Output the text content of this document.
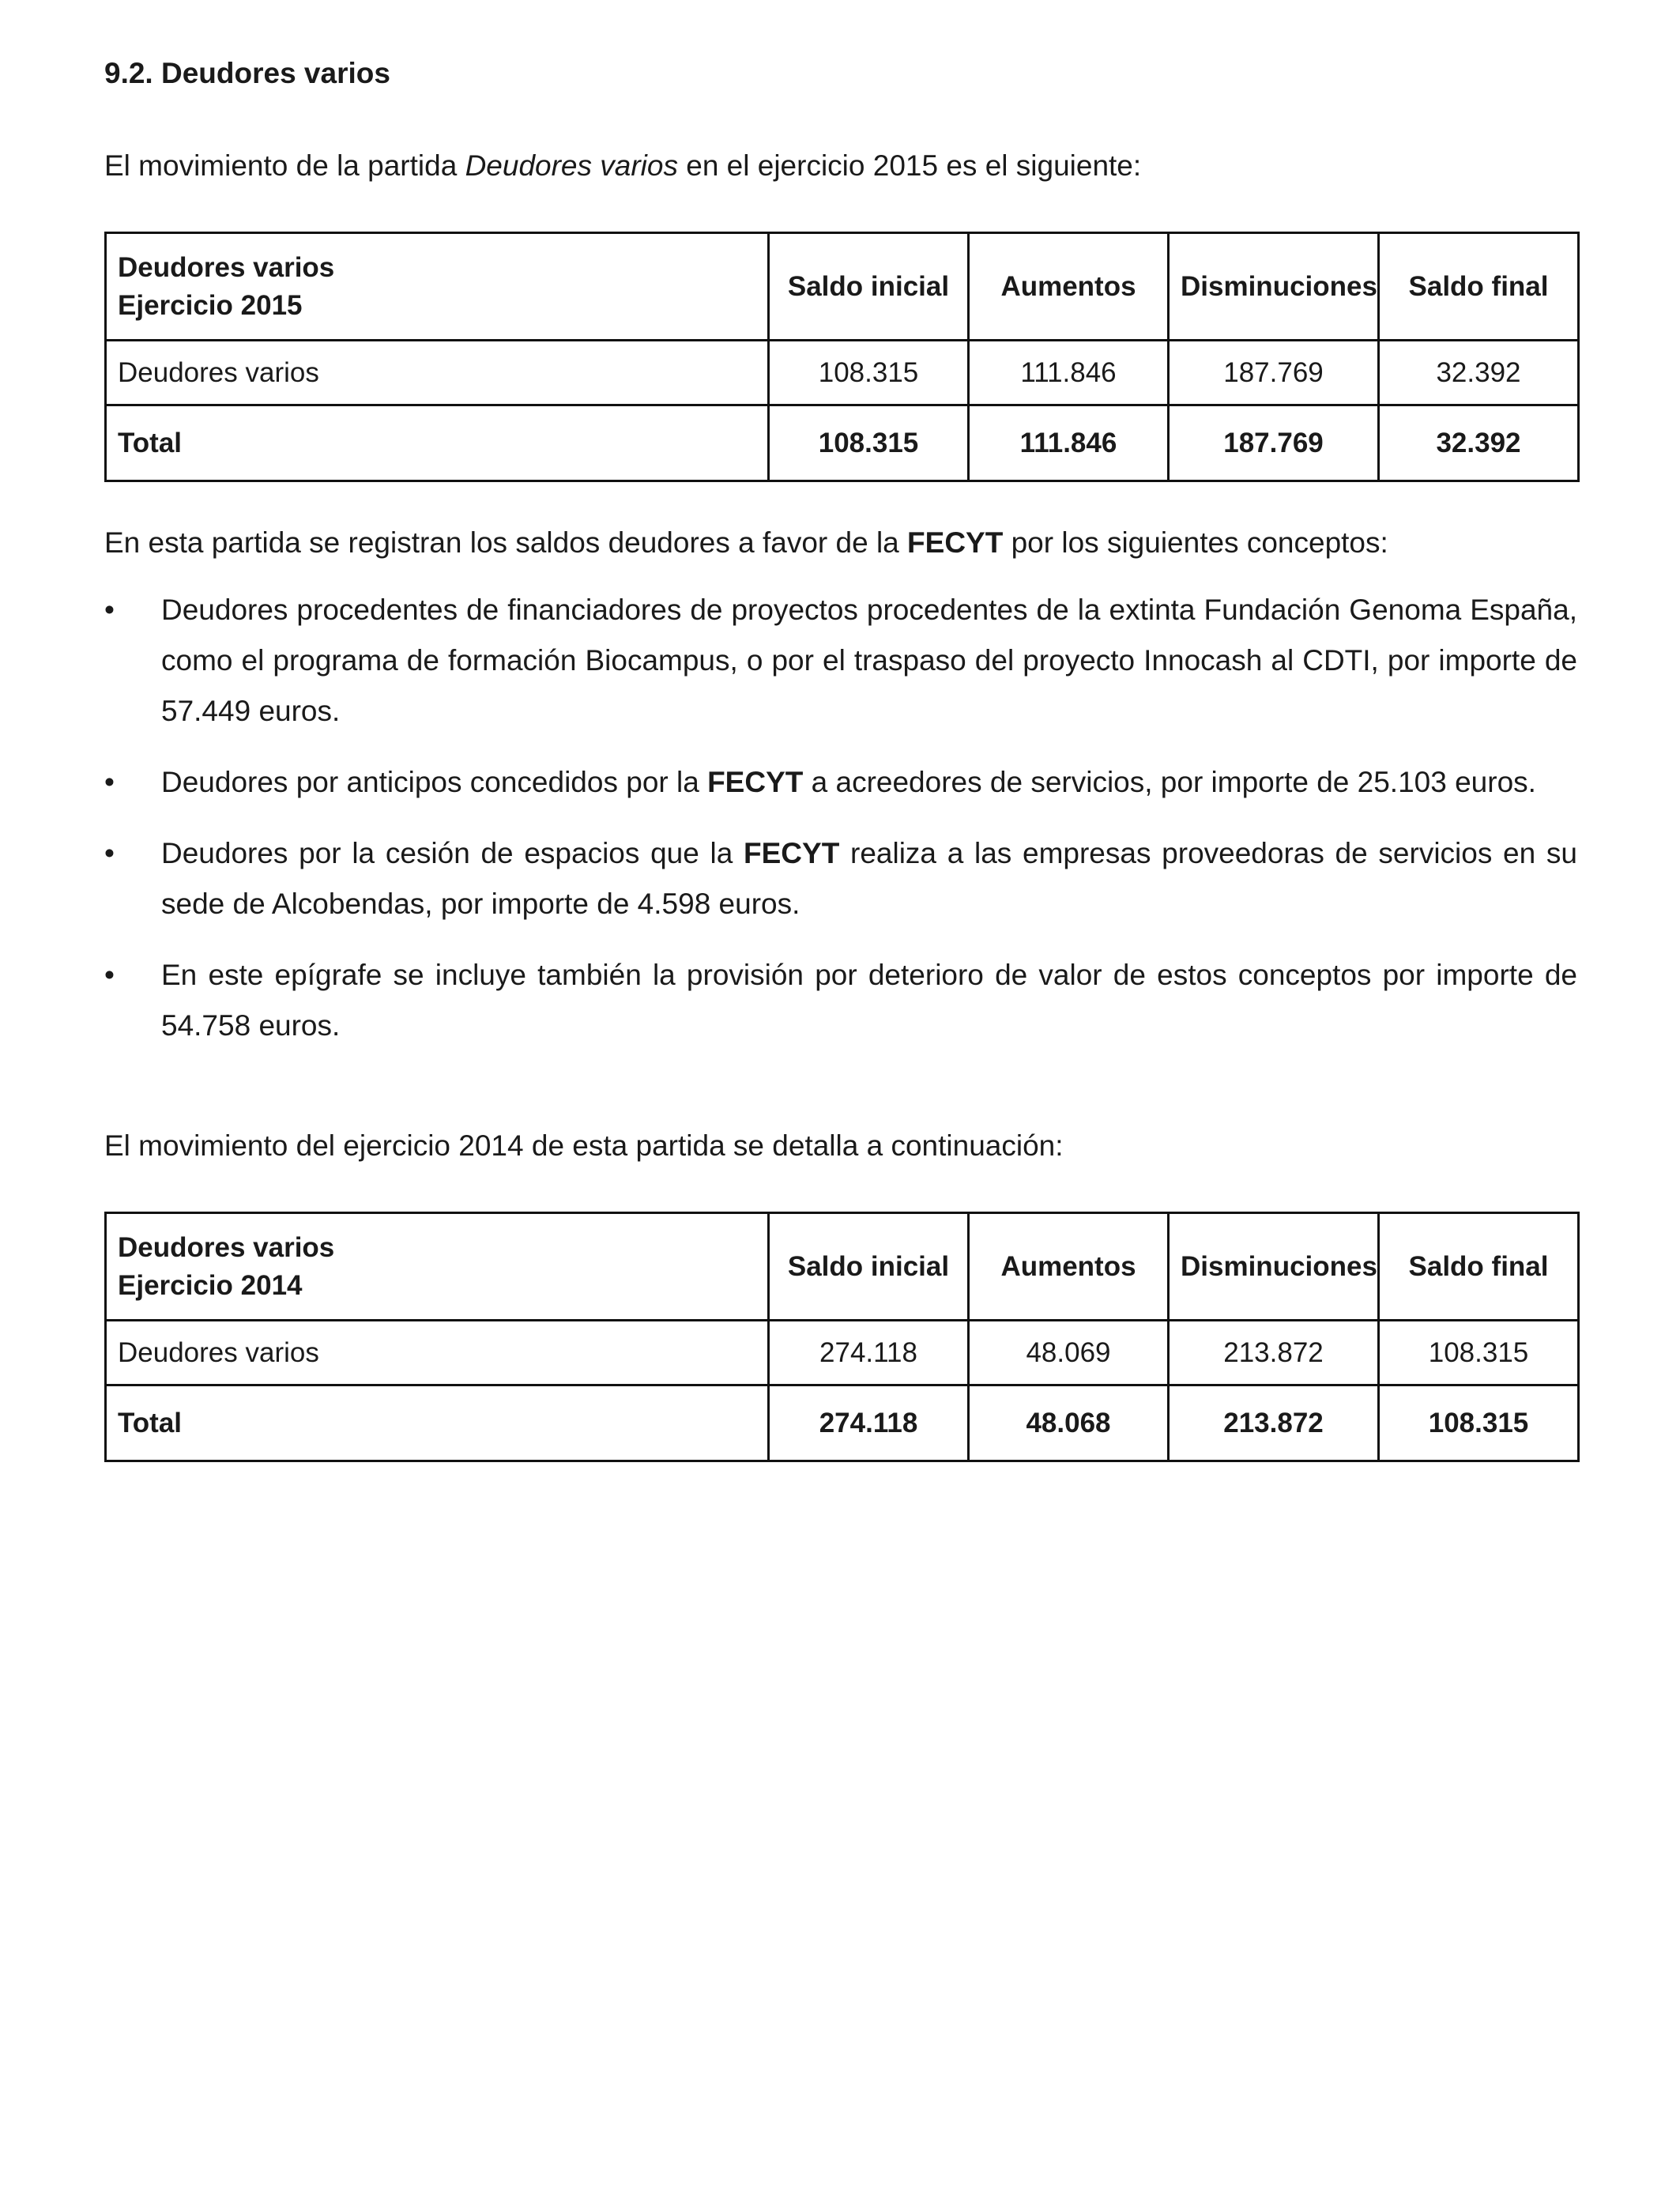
9.2. Deudores varios
El movimiento de la partida Deudores varios en el ejercicio 2015 es el siguiente:
Deudores varios
Ejercicio 2015	Saldo inicial	Aumentos	Disminuciones	Saldo final
Deudores varios	108.315	111.846	187.769	32.392
Total	108.315	111.846	187.769	32.392
En esta partida se registran los saldos deudores a favor de la FECYT por los siguientes conceptos:
• Deudores procedentes de financiadores de proyectos procedentes de la extinta Fundación Genoma España, como el programa de formación Biocampus, o por el traspaso del proyecto Innocash al CDTI, por importe de 57.449 euros.
• Deudores por anticipos concedidos por la FECYT a acreedores de servicios, por importe de 25.103 euros.
• Deudores por la cesión de espacios que la FECYT realiza a las empresas proveedoras de servicios en su sede de Alcobendas, por importe de 4.598 euros.
• En este epígrafe se incluye también la provisión por deterioro de valor de estos conceptos por importe de 54.758 euros.
El movimiento del ejercicio 2014 de esta partida se detalla a continuación:
Deudores varios
Ejercicio 2014	Saldo inicial	Aumentos	Disminuciones	Saldo final
Deudores varios	274.118	48.069	213.872	108.315
Total	274.118	48.068	213.872	108.315
